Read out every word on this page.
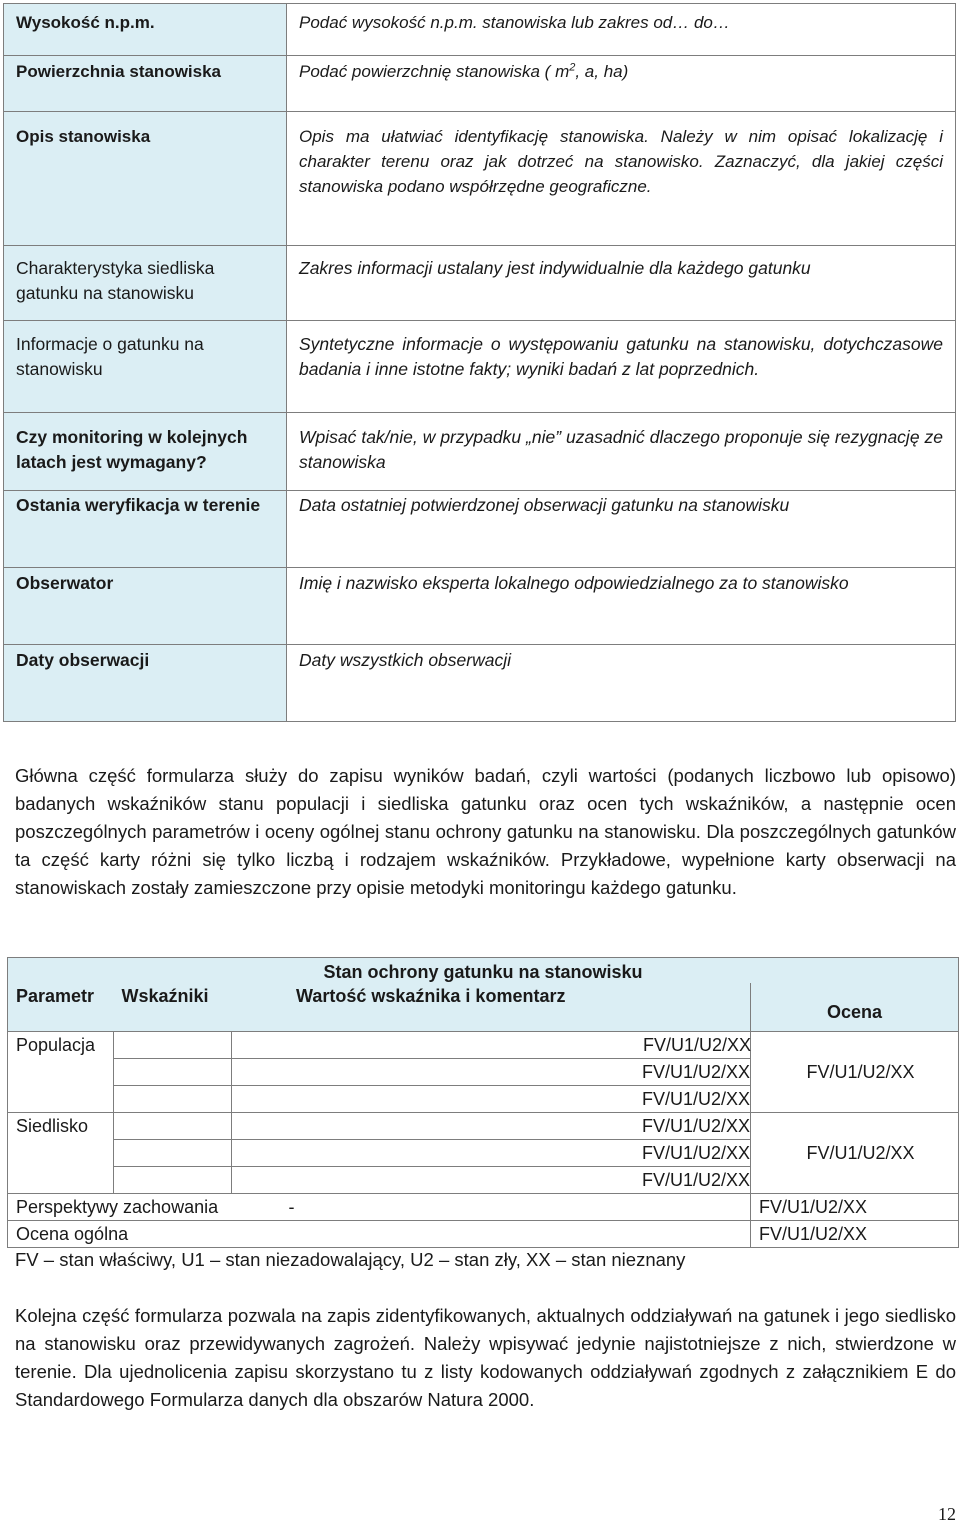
Wysokość n.p.m.	Podać wysokość n.p.m. stanowiska lub zakres od… do…
Powierzchnia stanowiska	Podać powierzchnię stanowiska ( $m^2$, a, ha)
Opis stanowiska	Opis ma ułatwiać identyfikację stanowiska. Należy w nim opisać lokalizację i charakter terenu oraz jak dotrzeć na stanowisko. Zaznaczyć, dla jakiej części stanowiska podano współrzędne geograficzne.
Charakterystyka siedliska gatunku na stanowisku	Zakres informacji ustalany jest indywidualnie dla każdego gatunku
Informacje o gatunku na stanowisku	Syntetyczne informacje o występowaniu gatunku na stanowisku, dotychczasowe badania i inne istotne fakty; wyniki badań z lat poprzednich.
Czy monitoring w kolejnych latach jest wymagany?	Wpisać tak/nie, w przypadku „nie” uzasadnić dlaczego proponuje się rezygnację ze stanowiska
Ostania weryfikacja w terenie	Data ostatniej potwierdzonej obserwacji gatunku na stanowisku
Obserwator	Imię i nazwisko eksperta lokalnego odpowiedzialnego za to stanowisko
Daty obserwacji	Daty wszystkich obserwacji

Główna część formularza służy do zapisu wyników badań, czyli wartości (podanych liczbowo lub opisowo) badanych wskaźników stanu populacji i siedliska gatunku oraz ocen tych wskaźników, a następnie ocen poszczególnych parametrów i oceny ogólnej stanu ochrony gatunku na stanowisku. Dla poszczególnych gatunków ta część karty różni się tylko liczbą i rodzajem wskaźników. Przykładowe, wypełnione karty obserwacji na stanowiskach zostały zamieszczone przy opisie metodyki monitoringu każdego gatunku.

Stan ochrony gatunku na stanowisku			
Parametr	Wskaźniki	Wartość wskaźnika i komentarz	Ocena
Populacja		FV/U1/U2/XX	FV/U1/U2/XX
		FV/U1/U2/XX	
		FV/U1/U2/XX	
Siedlisko		FV/U1/U2/XX	FV/U1/U2/XX
		FV/U1/U2/XX	
		FV/U1/U2/XX	
Perspektywy zachowania		-	FV/U1/U2/XX
Ocena ogólna			FV/U1/U2/XX

FV – stan właściwy, U1 – stan niezadowalający, U2 – stan zły, XX – stan nieznany

Kolejna część formularza pozwala na zapis zidentyfikowanych, aktualnych oddziaływań na gatunek i jego siedlisko na stanowisku oraz przewidywanych zagrożeń. Należy wpisywać jedynie najistotniejsze z nich, stwierdzone w terenie. Dla ujednolicenia zapisu skorzystano tu z listy kodowanych oddziaływań zgodnych z załącznikiem E do Standardowego Formularza danych dla obszarów Natura 2000.

12
